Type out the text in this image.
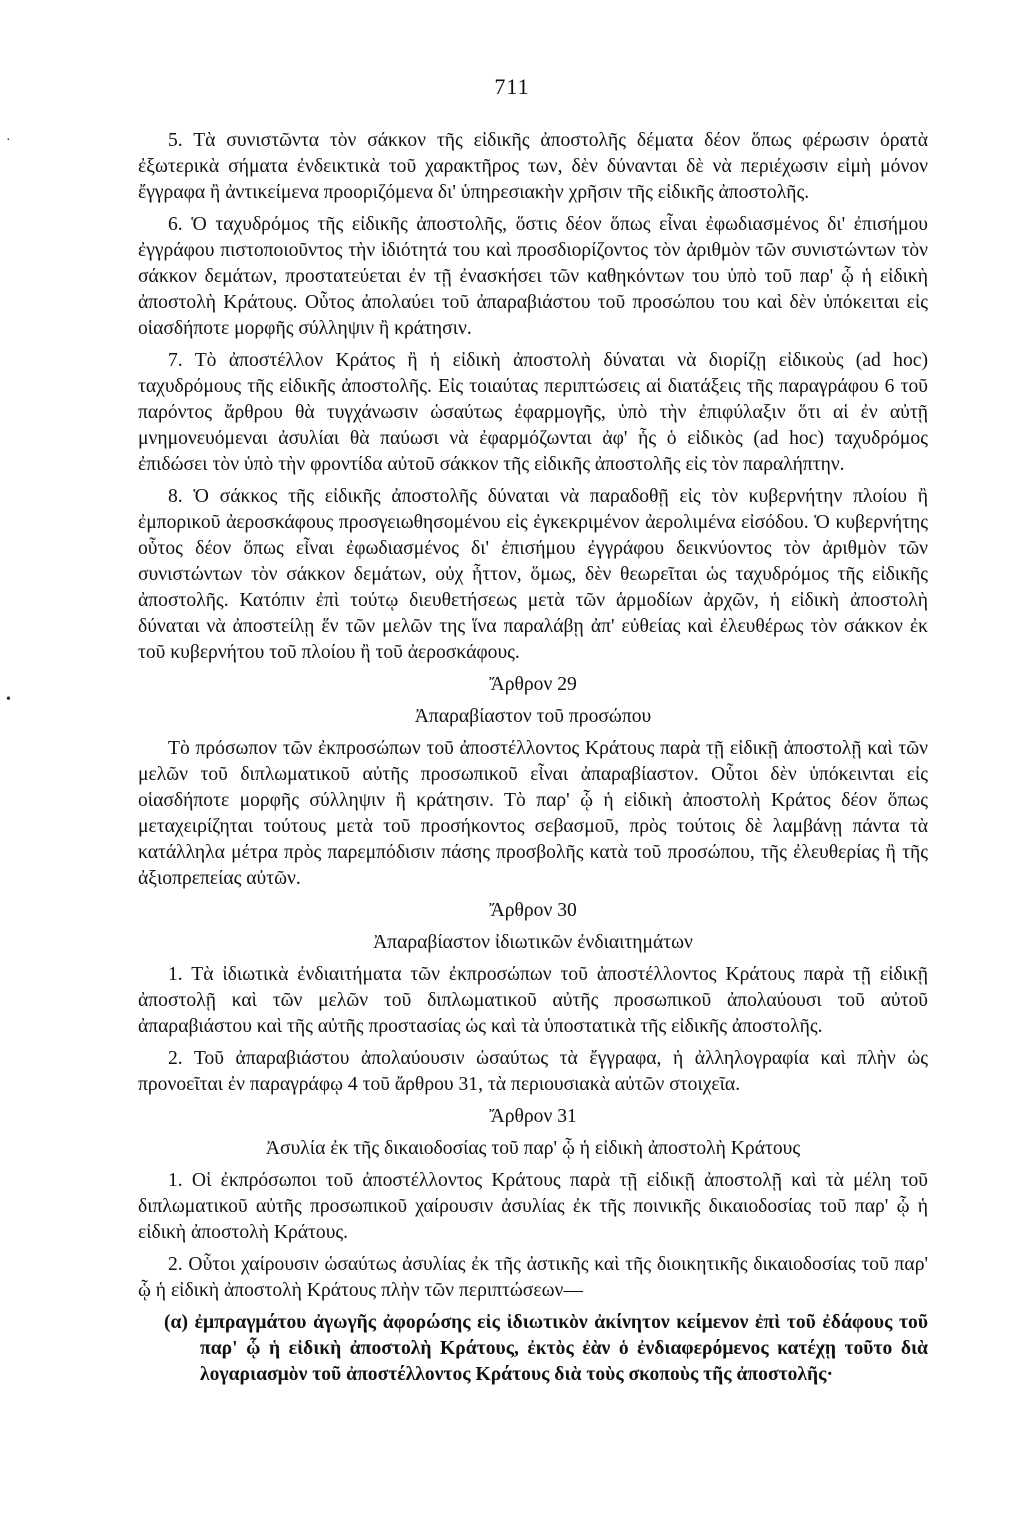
·
•
711

5. Τὰ συνιστῶντα τὸν σάκκον τῆς εἰδικῆς ἀποστολῆς δέματα δέον ὅπως φέρωσιν ὁρατὰ ἐξωτερικὰ σήματα ἐνδεικτικὰ τοῦ χαρακτῆρος των, δὲν δύνανται δὲ νὰ περιέχωσιν εἰμὴ μόνον ἔγγραφα ἢ ἀντικείμενα προοριζόμενα δι' ὑπηρεσιακὴν χρῆσιν τῆς εἰδικῆς ἀποστολῆς.

6. Ὁ ταχυδρόμος τῆς εἰδικῆς ἀποστολῆς, ὅστις δέον ὅπως εἶναι ἐφωδιασμένος δι' ἐπισήμου ἐγγράφου πιστοποιοῦντος τὴν ἰδιότητά του καὶ προσδιορίζοντος τὸν ἀριθμὸν τῶν συνιστώντων τὸν σάκκον δεμάτων, προστατεύεται ἐν τῇ ἐνασκήσει τῶν καθηκόντων του ὑπὸ τοῦ παρ' ᾧ ἡ εἰδικὴ ἀποστολὴ Κράτους. Οὗτος ἀπολαύει τοῦ ἀπαραβιάστου τοῦ προσώπου του καὶ δὲν ὑπόκειται εἰς οἱασδήποτε μορφῆς σύλληψιν ἢ κράτησιν.

7. Τὸ ἀποστέλλον Κράτος ἢ ἡ εἰδικὴ ἀποστολὴ δύναται νὰ διορίζῃ εἰδικοὺς (ad hoc) ταχυδρόμους τῆς εἰδικῆς ἀποστολῆς. Εἰς τοιαύτας περιπτώσεις αἱ διατάξεις τῆς παραγράφου 6 τοῦ παρόντος ἄρθρου θὰ τυγχάνωσιν ὡσαύτως ἐφαρμογῆς, ὑπὸ τὴν ἐπιφύλαξιν ὅτι αἱ ἐν αὐτῇ μνημονευόμεναι ἀσυλίαι θὰ παύωσι νὰ ἐφαρμόζωνται ἀφ' ἧς ὁ εἰδικὸς (ad hoc) ταχυδρόμος ἐπιδώσει τὸν ὑπὸ τὴν φροντίδα αὐτοῦ σάκκον τῆς εἰδικῆς ἀποστολῆς εἰς τὸν παραλήπτην.

8. Ὁ σάκκος τῆς εἰδικῆς ἀποστολῆς δύναται νὰ παραδοθῇ εἰς τὸν κυβερνήτην πλοίου ἢ ἐμπορικοῦ ἀεροσκάφους προσγειωθησομένου εἰς ἐγκεκριμένον ἀερολιμένα εἰσόδου. Ὁ κυβερνήτης οὗτος δέον ὅπως εἶναι ἐφωδιασμένος δι' ἐπισήμου ἐγγράφου δεικνύοντος τὸν ἀριθμὸν τῶν συνιστώντων τὸν σάκκον δεμάτων, οὐχ ἧττον, ὅμως, δὲν θεωρεῖται ὡς ταχυδρόμος τῆς εἰδικῆς ἀποστολῆς. Κατόπιν ἐπὶ τούτῳ διευθετήσεως μετὰ τῶν ἁρμοδίων ἀρχῶν, ἡ εἰδικὴ ἀποστολὴ δύναται νὰ ἀποστείλῃ ἕν τῶν μελῶν της ἵνα παραλάβῃ ἀπ' εὐθείας καὶ ἐλευθέρως τὸν σάκκον ἐκ τοῦ κυβερνήτου τοῦ πλοίου ἢ τοῦ ἀεροσκάφους.

Ἄρθρον 29
Ἀπαραβίαστον τοῦ προσώπου

Τὸ πρόσωπον τῶν ἐκπροσώπων τοῦ ἀποστέλλοντος Κράτους παρὰ τῇ εἰδικῇ ἀποστολῇ καὶ τῶν μελῶν τοῦ διπλωματικοῦ αὐτῆς προσωπικοῦ εἶναι ἀπαραβίαστον. Οὗτοι δὲν ὑπόκεινται εἰς οἱασδήποτε μορφῆς σύλληψιν ἢ κράτησιν. Τὸ παρ' ᾧ ἡ εἰδικὴ ἀποστολὴ Κράτος δέον ὅπως μεταχειρίζηται τούτους μετὰ τοῦ προσήκοντος σεβασμοῦ, πρὸς τούτοις δὲ λαμβάνῃ πάντα τὰ κατάλληλα μέτρα πρὸς παρεμπόδισιν πάσης προσβολῆς κατὰ τοῦ προσώπου, τῆς ἐλευθερίας ἢ τῆς ἀξιοπρεπείας αὐτῶν.

Ἄρθρον 30
Ἀπαραβίαστον ἰδιωτικῶν ἐνδιαιτημάτων

1. Τὰ ἰδιωτικὰ ἐνδιαιτήματα τῶν ἐκπροσώπων τοῦ ἀποστέλλοντος Κράτους παρὰ τῇ εἰδικῇ ἀποστολῇ καὶ τῶν μελῶν τοῦ διπλωματικοῦ αὐτῆς προσωπικοῦ ἀπολαύουσι τοῦ αὐτοῦ ἀπαραβιάστου καὶ τῆς αὐτῆς προστασίας ὡς καὶ τὰ ὑποστατικὰ τῆς εἰδικῆς ἀποστολῆς.

2. Τοῦ ἀπαραβιάστου ἀπολαύουσιν ὡσαύτως τὰ ἔγγραφα, ἡ ἀλληλογραφία καὶ πλὴν ὡς προνοεῖται ἐν παραγράφῳ 4 τοῦ ἄρθρου 31, τὰ περιουσιακὰ αὐτῶν στοιχεῖα.

Ἄρθρον 31
Ἀσυλία ἐκ τῆς δικαιοδοσίας τοῦ παρ' ᾧ ἡ εἰδικὴ ἀποστολὴ Κράτους

1. Οἱ ἐκπρόσωποι τοῦ ἀποστέλλοντος Κράτους παρὰ τῇ εἰδικῇ ἀποστολῇ καὶ τὰ μέλη τοῦ διπλωματικοῦ αὐτῆς προσωπικοῦ χαίρουσιν ἀσυλίας ἐκ τῆς ποινικῆς δικαιοδοσίας τοῦ παρ' ᾧ ἡ εἰδικὴ ἀποστολὴ Κράτους.

2. Οὗτοι χαίρουσιν ὡσαύτως ἀσυλίας ἐκ τῆς ἀστικῆς καὶ τῆς διοικητικῆς δικαιοδοσίας τοῦ παρ' ᾧ ἡ εἰδικὴ ἀποστολὴ Κράτους πλὴν τῶν περιπτώσεων—

(α) ἐμπραγμάτου ἀγωγῆς ἀφορώσης εἰς ἰδιωτικὸν ἀκίνητον κείμενον ἐπὶ τοῦ ἐδάφους τοῦ παρ' ᾧ ἡ εἰδικὴ ἀποστολὴ Κράτους, ἐκτὸς ἐὰν ὁ ἐνδιαφερόμενος κατέχῃ τοῦτο διὰ λογαριασμὸν τοῦ ἀποστέλλοντος Κράτους διὰ τοὺς σκοποὺς τῆς ἀποστολῆς·
